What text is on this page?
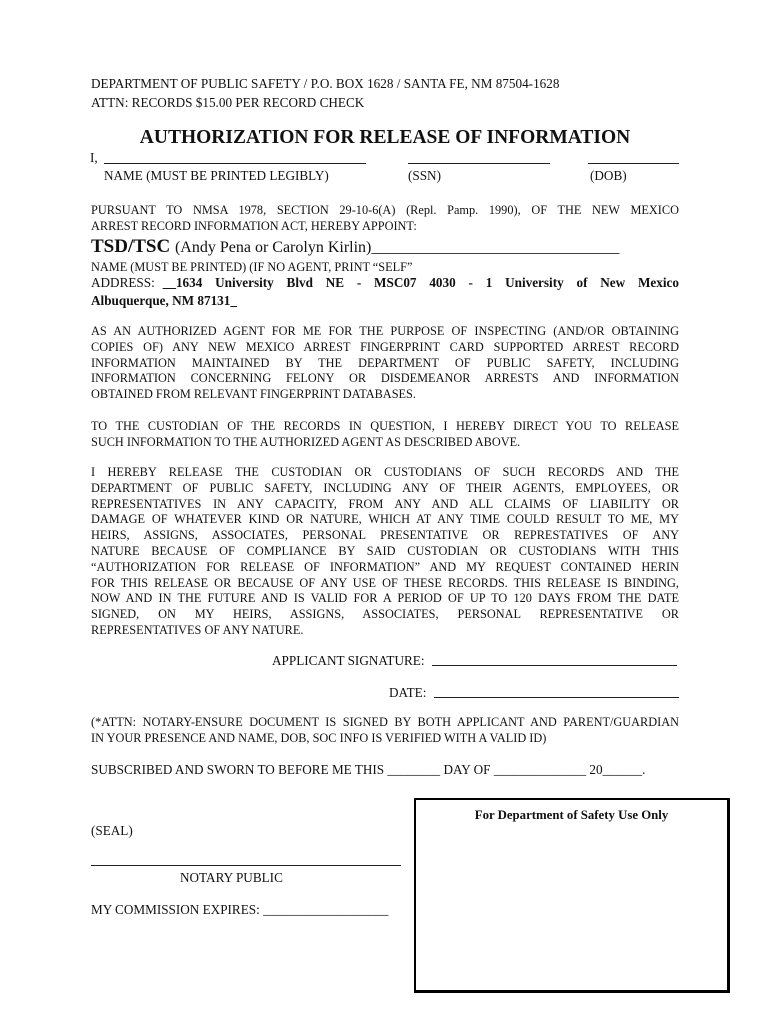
DEPARTMENT OF PUBLIC SAFETY / P.O. BOX 1628 / SANTA FE, NM 87504-1628
ATTN: RECORDS $15.00 PER RECORD CHECK
AUTHORIZATION FOR RELEASE OF INFORMATION
I,
NAME (MUST BE PRINTED LEGIBLY)	(SSN)	(DOB)
PURSUANT TO NMSA 1978, SECTION 29-10-6(A) (Repl. Pamp. 1990), OF THE NEW MEXICO
ARREST RECORD INFORMATION ACT, HEREBY APPOINT:
TSD/TSC (Andy Pena or Carolyn Kirlin)_______________________________
NAME (MUST BE PRINTED) (IF NO AGENT, PRINT “SELF”
ADDRESS: __1634 University Blvd NE - MSC07 4030 - 1 University of New Mexico
Albuquerque, NM 87131_
AS AN AUTHORIZED AGENT FOR ME FOR THE PURPOSE OF INSPECTING (AND/OR OBTAINING
COPIES OF) ANY NEW MEXICO ARREST FINGERPRINT CARD SUPPORTED ARREST RECORD
INFORMATION MAINTAINED BY THE DEPARTMENT OF PUBLIC SAFETY, INCLUDING
INFORMATION CONCERNING FELONY OR DISDEMEANOR ARRESTS AND INFORMATION
OBTAINED FROM RELEVANT FINGERPRINT DATABASES.
TO THE CUSTODIAN OF THE RECORDS IN QUESTION, I HEREBY DIRECT YOU TO RELEASE
SUCH INFORMATION TO THE AUTHORIZED AGENT AS DESCRIBED ABOVE.
I HEREBY RELEASE THE CUSTODIAN OR CUSTODIANS OF SUCH RECORDS AND THE
DEPARTMENT OF PUBLIC SAFETY, INCLUDING ANY OF THEIR AGENTS, EMPLOYEES, OR
REPRESENTATIVES IN ANY CAPACITY, FROM ANY AND ALL CLAIMS OF LIABILITY OR
DAMAGE OF WHATEVER KIND OR NATURE, WHICH AT ANY TIME COULD RESULT TO ME, MY
HEIRS, ASSIGNS, ASSOCIATES, PERSONAL PRESENTATIVE OR REPRESTATIVES OF ANY
NATURE BECAUSE OF COMPLIANCE BY SAID CUSTODIAN OR CUSTODIANS WITH THIS
“AUTHORIZATION FOR RELEASE OF INFORMATION” AND MY REQUEST CONTAINED HERIN
FOR THIS RELEASE OR BECAUSE OF ANY USE OF THESE RECORDS. THIS RELEASE IS BINDING,
NOW AND IN THE FUTURE AND IS VALID FOR A PERIOD OF UP TO 120 DAYS FROM THE DATE
SIGNED, ON MY HEIRS, ASSIGNS, ASSOCIATES, PERSONAL REPRESENTATIVE OR
REPRESENTATIVES OF ANY NATURE.
APPLICANT SIGNATURE:
DATE:
(*ATTN: NOTARY-ENSURE DOCUMENT IS SIGNED BY BOTH APPLICANT AND PARENT/GUARDIAN
IN YOUR PRESENCE AND NAME, DOB, SOC INFO IS VERIFIED WITH A VALID ID)
SUBSCRIBED AND SWORN TO BEFORE ME THIS ________ DAY OF ______________ 20______.
(SEAL)
NOTARY PUBLIC
MY COMMISSION EXPIRES: ___________________
For Department of Safety Use Only
